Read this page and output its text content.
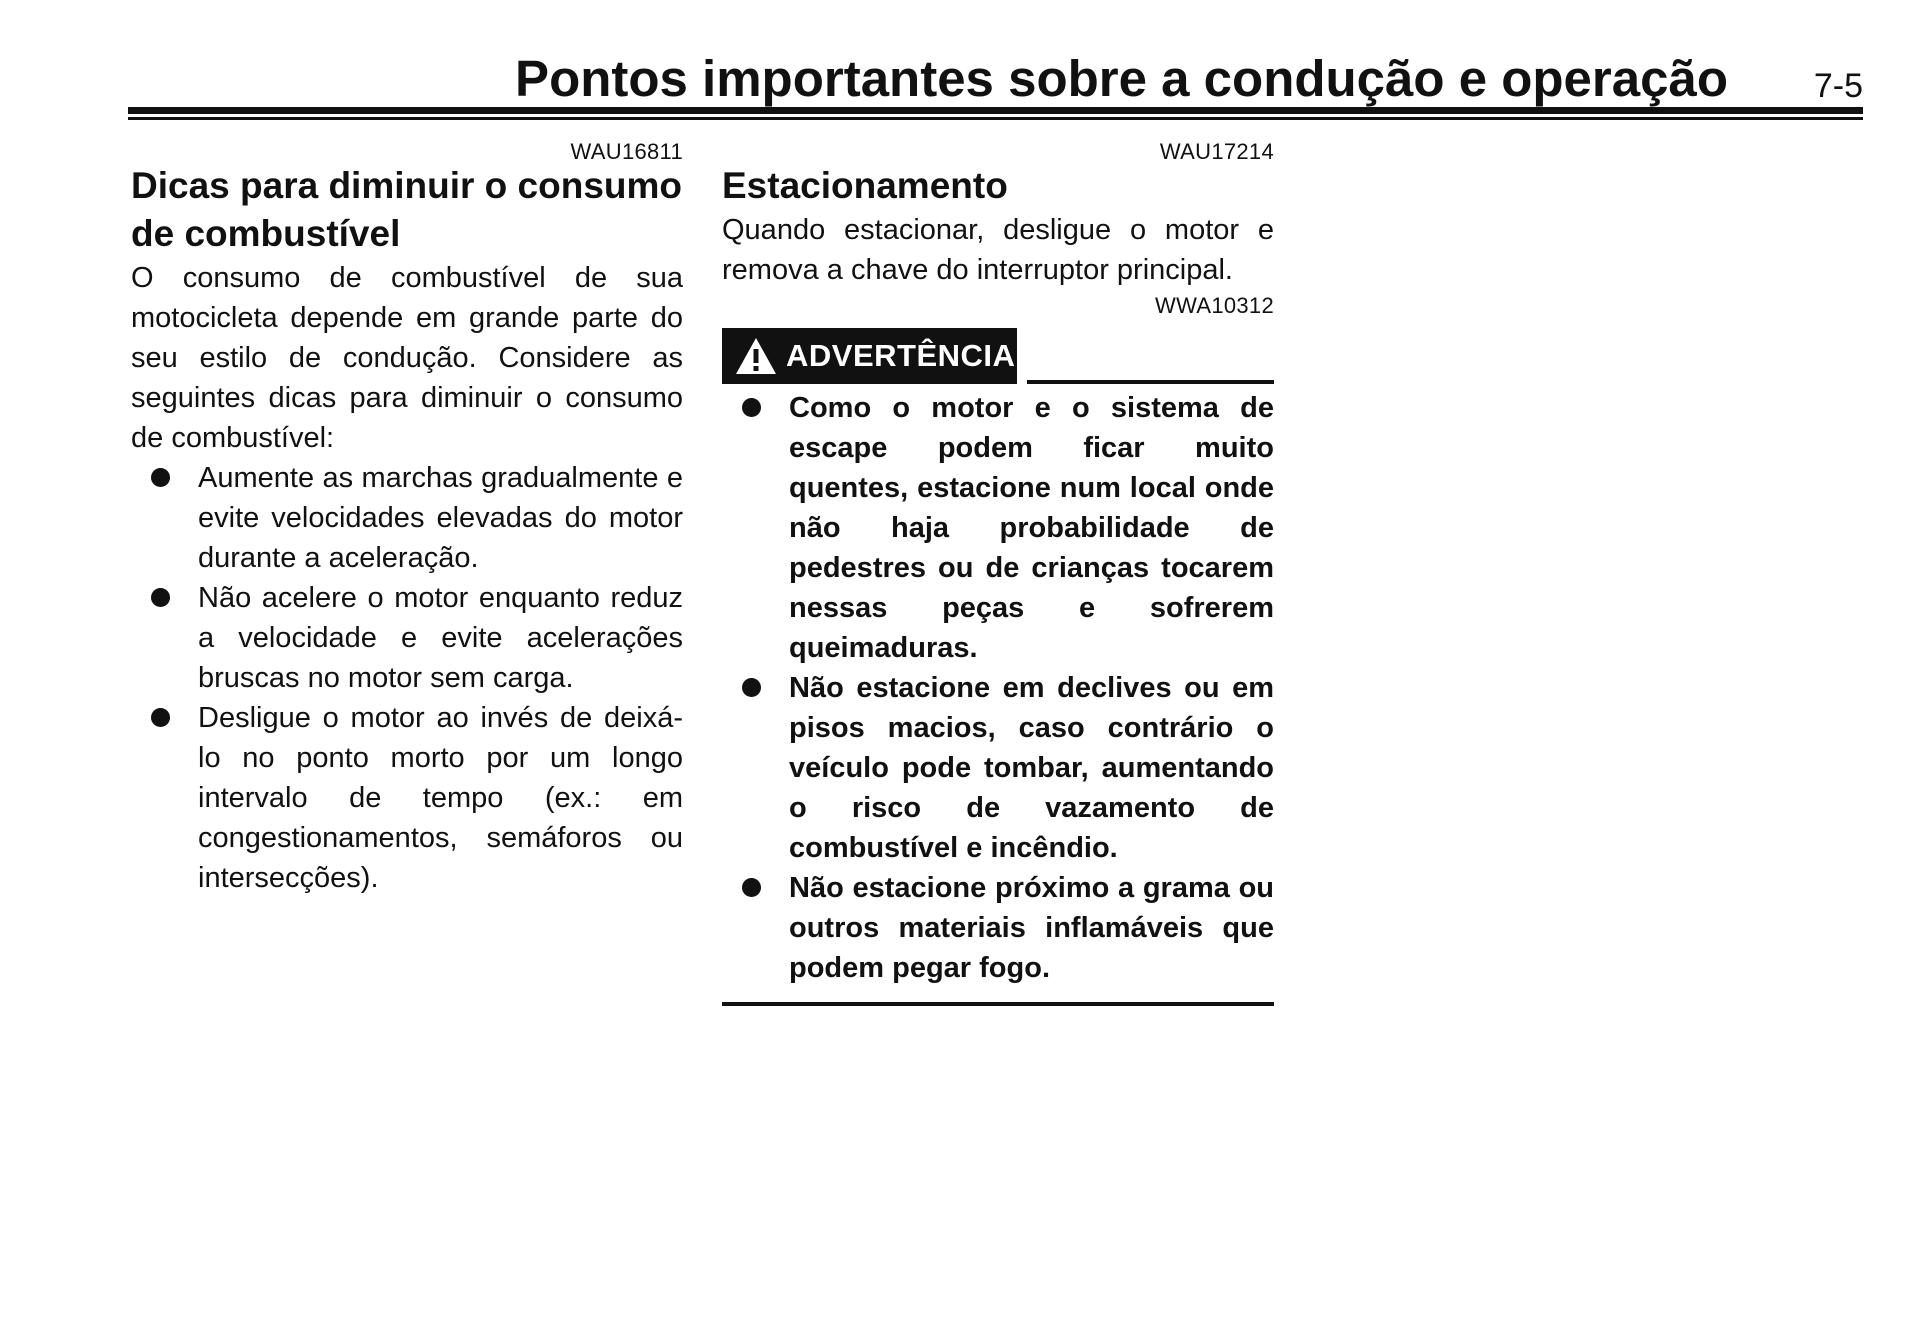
Pontos importantes sobre a condução e operação	7-5
WAU16811
Dicas para diminuir o consumo
de combustível

O consumo de combustível de sua motocicleta depende em grande parte do seu estilo de condução. Considere as seguintes dicas para diminuir o consumo de combustível:

Aumente as marchas gradualmente e evite velocidades elevadas do motor durante a aceleração.
Não acelere o motor enquanto reduz a velocidade e evite acelerações bruscas no motor sem carga.
Desligue o motor ao invés de deixá-lo no ponto morto por um longo intervalo de tempo (ex.: em congestionamentos, semáforos ou intersecções).
WAU17214
Estacionamento

Quando estacionar, desligue o motor e remova a chave do interruptor principal.

WWA10312
ADVERTÊNCIA
Como o motor e o sistema de escape podem ficar muito quentes, estacione num local onde não haja probabilidade de pedestres ou de crianças tocarem nessas peças e sofrerem queimaduras.
Não estacione em declives ou em pisos macios, caso contrário o veículo pode tombar, aumentando o risco de vazamento de combustível e incêndio.
Não estacione próximo a grama ou outros materiais inflamáveis que podem pegar fogo.
